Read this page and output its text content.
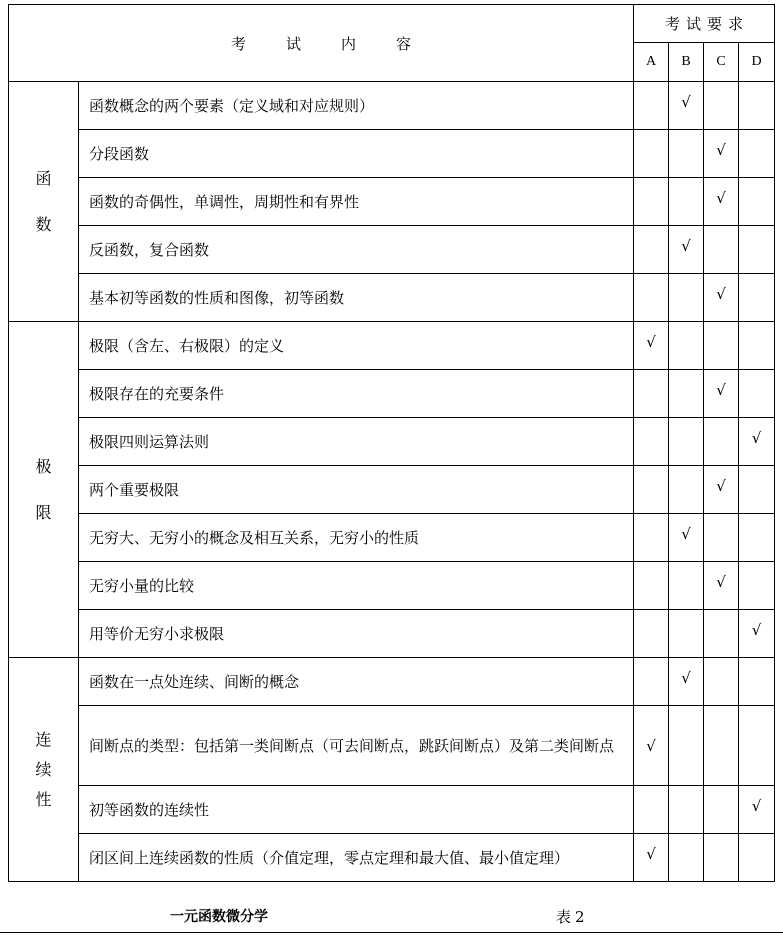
考 试 内 容		考 试 要 求			
		A	B	C	D

函
数	函数概念的两个要素（定义域和对应规则）		√		
	分段函数			√	
	函数的奇偶性，单调性，周期性和有界性			√	
	反函数，复合函数		√		
	基本初等函数的性质和图像，初等函数			√	

极
限	极限（含左、右极限）的定义	√			
	极限存在的充要条件			√	
	极限四则运算法则				√
	两个重要极限			√	
	无穷大、无穷小的概念及相互关系，无穷小的性质		√		
	无穷小量的比较			√	
	用等价无穷小求极限				√

连
续
性	函数在一点处连续、间断的概念		√		
	间断点的类型：包括第一类间断点（可去间断点，跳跃间断点）及第二类间断点	√			
	初等函数的连续性				√
	闭区间上连续函数的性质（介值定理，零点定理和最大值、最小值定理）	√			
一元函数微分学	表 2
